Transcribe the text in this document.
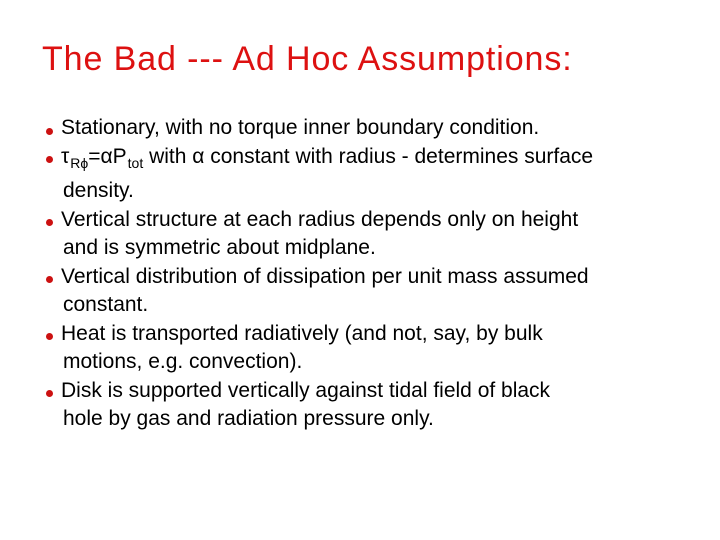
The Bad --- Ad Hoc Assumptions:
Stationary, with no torque inner boundary condition.
$\tau_{R\phi}=\alpha P_{tot}$ with α constant with radius - determines surface
density.
Vertical structure at each radius depends only on height
and is symmetric about midplane.
Vertical distribution of dissipation per unit mass assumed
constant.
Heat is transported radiatively (and not, say, by bulk
motions, e.g. convection).
Disk is supported vertically against tidal field of black
hole by gas and radiation pressure only.
